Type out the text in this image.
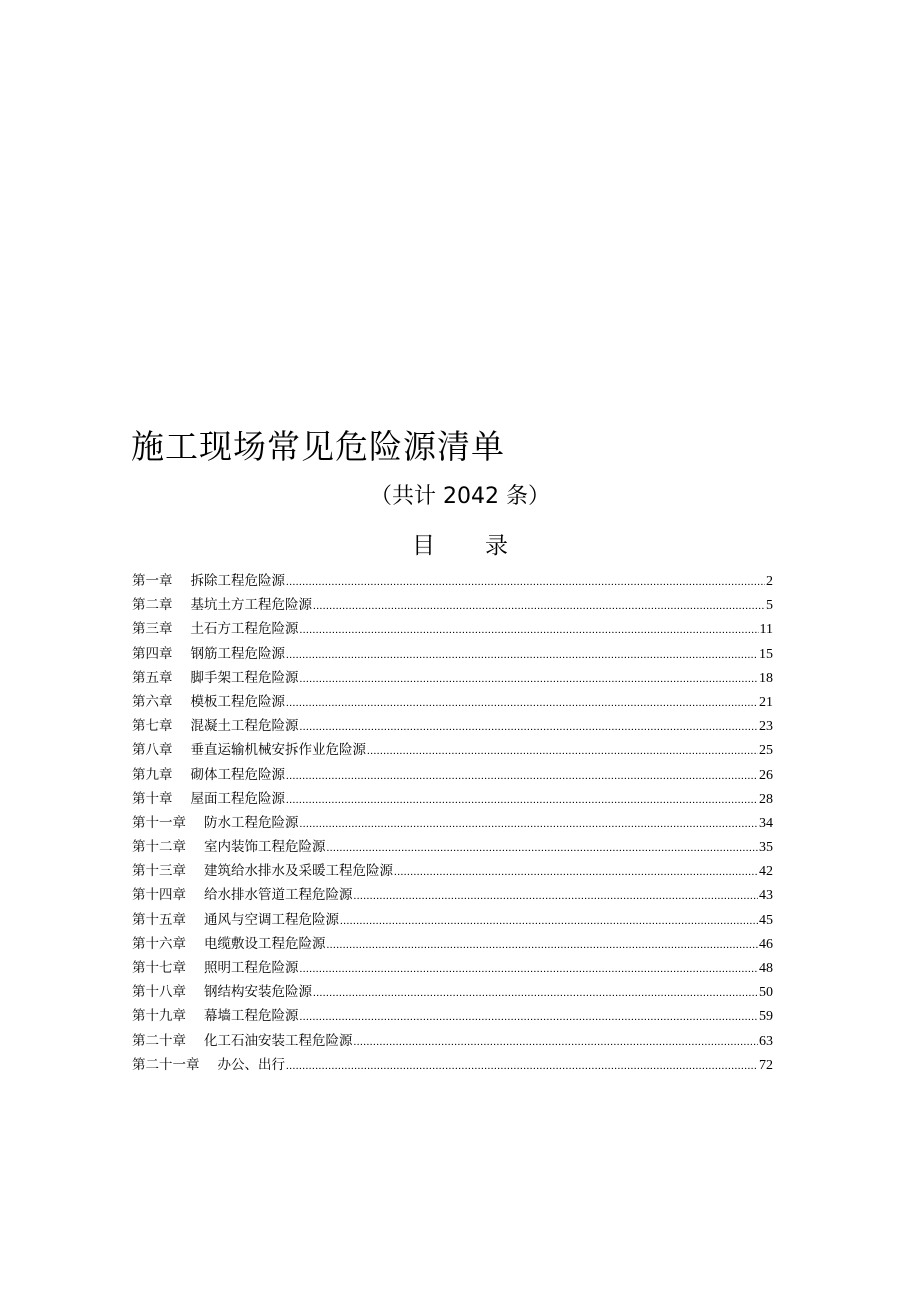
施工现场常见危险源清单
（共计 2042 条）
目 录
第一章	拆除工程危险源 .....	2
第二章	基坑土方工程危险源 .....	5
第三章	土石方工程危险源 .....	11
第四章	钢筋工程危险源 .....	15
第五章	脚手架工程危险源 .....	18
第六章	模板工程危险源 .....	21
第七章	混凝土工程危险源 .....	23
第八章	垂直运输机械安拆作业危险源 .....	25
第九章	砌体工程危险源 .....	26
第十章	屋面工程危险源 .....	28
第十一章	防水工程危险源 .....	34
第十二章	室内装饰工程危险源 .....	35
第十三章	建筑给水排水及采暖工程危险源 .....	42
第十四章	给水排水管道工程危险源 .....	43
第十五章	通风与空调工程危险源 .....	45
第十六章	电缆敷设工程危险源 .....	46
第十七章	照明工程危险源 .....	48
第十八章	钢结构安装危险源 .....	50
第十九章	幕墙工程危险源 .....	59
第二十章	化工石油安装工程危险源 .....	63
第二十一章	办公、出行 .....	72
